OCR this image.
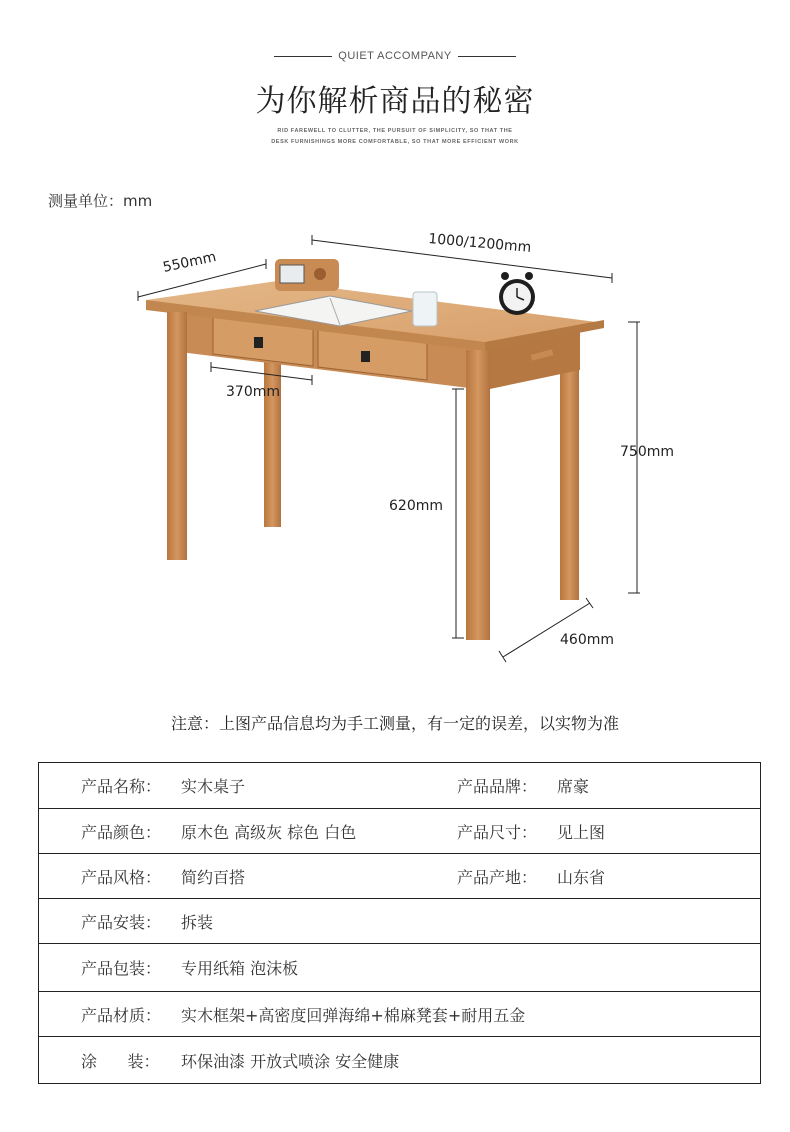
QUIET ACCOMPANY
为你解析商品的秘密
RID FAREWELL TO CLUTTER, THE PURSUIT OF SIMPLICITY, SO THAT THE
DESK FURNISHINGS MORE COMFORTABLE, SO THAT MORE EFFICIENT WORK
测量单位：mm
550mm
1000/1200mm
370mm
750mm
620mm
460mm
注意：上图产品信息均为手工测量，有一定的误差，以实物为准
产品名称：	实木桌子	产品品牌：	席豪
产品颜色：	原木色 高级灰 棕色 白色	产品尺寸：	见上图
产品风格：	简约百搭	产品产地：	山东省
产品安装：	拆装
产品包装：	专用纸箱 泡沫板
产品材质：	实木框架+高密度回弹海绵+棉麻凳套+耐用五金
涂      装：	环保油漆 开放式喷涂 安全健康
